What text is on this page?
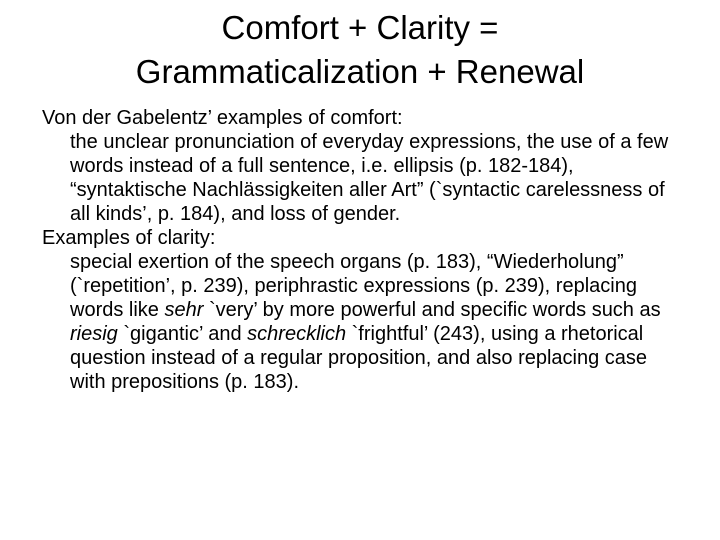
Comfort + Clarity =
Grammaticalization + Renewal

Von der Gabelentz’ examples of comfort:

the unclear pronunciation of everyday expressions, the use of a few words instead of a full sentence, i.e. ellipsis (p. 182-184), “syntaktische Nachlässigkeiten aller Art” (`syntactic carelessness of all kinds’, p. 184), and loss of gender.

Examples of clarity:

special exertion of the speech organs (p. 183), “Wiederholung” (`repetition’, p. 239), periphrastic expressions (p. 239), replacing words like sehr `very’ by more powerful and specific words such as riesig `gigantic’ and schrecklich `frightful’ (243), using a rhetorical question instead of a regular proposition, and also replacing case with prepositions (p. 183).
